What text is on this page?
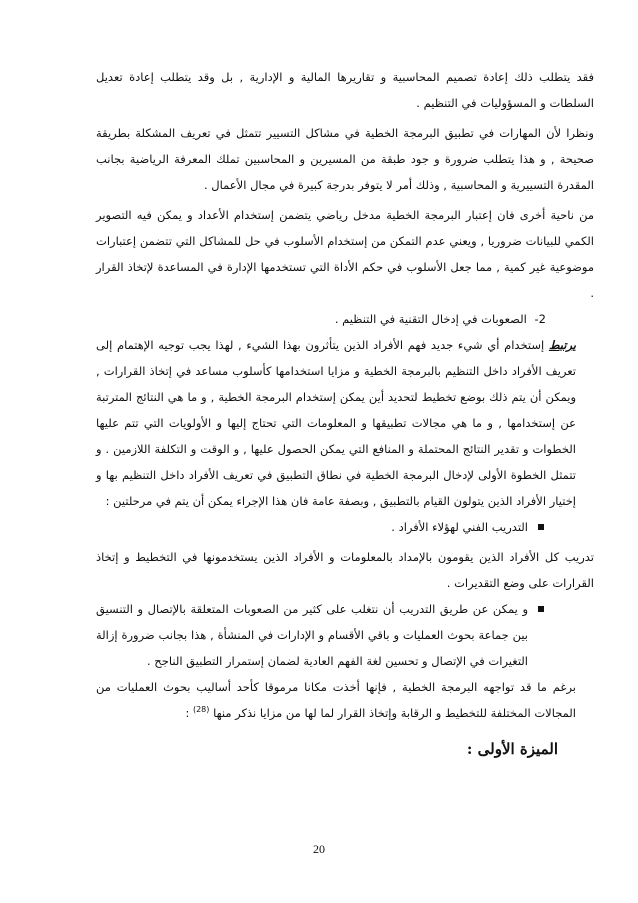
فقد يتطلب ذلك إعادة تصميم المحاسبية و تقاريرها المالية و الإدارية , بل وقد يتطلب إعادة تعديل السلطات و المسؤوليات في التنظيم .

ونظرا لأن المهارات في تطبيق البرمجة الخطية في مشاكل التسيير تتمثل في تعريف المشكلة بطريقة صحيحة , و هذا يتطلب ضرورة و جود طبقة من المسيرين و المحاسبين تملك المعرفة الرياضية بجانب المقدرة التسييرية و المحاسبية , وذلك أمر لا يتوفر بدرجة كبيرة في مجال الأعمال .

من ناحية أخرى فان إعتبار البرمجة الخطية مدخل رياضي يتضمن إستخدام الأعداد و يمكن فيه التصوير الكمي للبيانات ضروريا , ويعني عدم التمكن من إستخدام الأسلوب في حل للمشاكل التي تتضمن إعتبارات موضوعية غير كمية , مما جعل الأسلوب في حكم الأداة التي تستخدمها الإدارة في المساعدة لإتخاذ القرار .

2- الصعوبات في إدخال التقنية في التنظيم .

يرتبط إستخدام أي شيء جديد فهم الأفراد الذين يتأثرون بهذا الشيء , لهذا يجب توجيه الإهتمام إلى تعريف الأفراد داخل التنظيم بالبرمجة الخطية و مزايا استخدامها كأسلوب مساعد في إتخاذ القرارات , ويمكن أن يتم ذلك بوضع تخطيط لتحديد أين يمكن إستخدام البرمجة الخطية , و ما هي النتائج المترتبة عن إستخدامها , و ما هي مجالات تطبيقها و المعلومات التي تحتاج إليها و الأولويات التي تتم عليها الخطوات و تقدير النتائج المحتملة و المنافع التي يمكن الحصول عليها , و الوقت و التكلفة اللازمين . و تتمثل الخطوة الأولى لإدخال البرمجة الخطية في نطاق التطبيق في تعريف الأفراد داخل التنظيم بها و إختيار الأفراد الذين يتولون القيام بالتطبيق , وبصفة عامة فان هذا الإجراء يمكن أن يتم في مرحلتين :

التدريب الفني لهؤلاء الأفراد .

تدريب كل الأفراد الذين يقومون بالإمداد بالمعلومات و الأفراد الذين يستخدمونها في التخطيط و إتخاذ القرارات على وضع التقديرات .

و يمكن عن طريق التدريب أن نتغلب على كثير من الصعوبات المتعلقة بالإتصال و التنسيق بين جماعة بحوث العمليات و باقي الأقسام و الإدارات في المنشأة , هذا بجانب ضرورة إزالة التغيرات في الإتصال و تحسين لغة الفهم العادية لضمان إستمرار التطبيق الناجح .

برغم ما قد تواجهه البرمجة الخطية , فإنها أخذت مكانا مرموقا كأحد أساليب بحوث العمليات من المجالات المختلفة للتخطيط و الرقابة وإتخاذ القرار لما لها من مزايا نذكر منها $^{(28)}$ :

الميزة الأولى :

20
